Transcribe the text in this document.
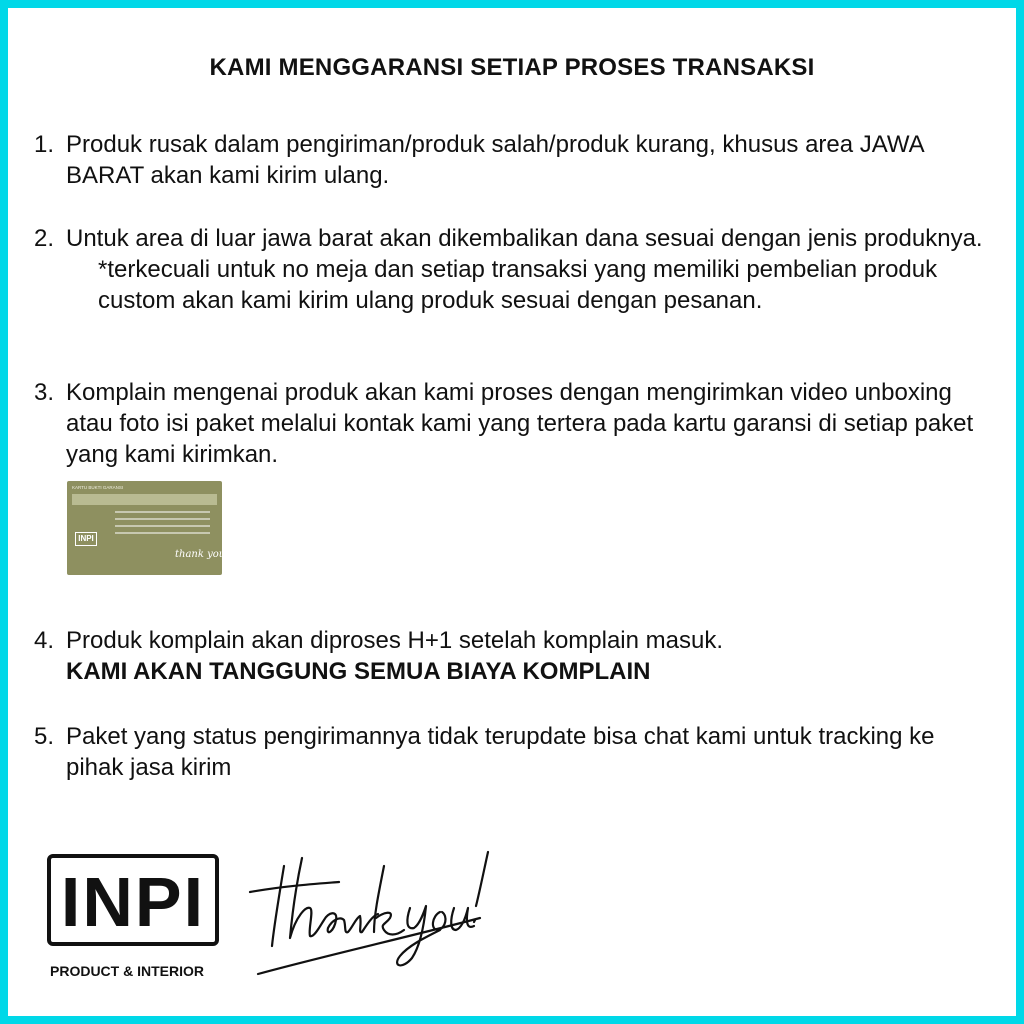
KAMI MENGGARANSI SETIAP PROSES TRANSAKSI
1. Produk rusak dalam pengiriman/produk salah/produk kurang, khusus area JAWA BARAT akan kami kirim ulang.
2. Untuk area di luar jawa barat akan dikembalikan dana sesuai dengan jenis produknya.
*terkecuali untuk no meja dan setiap transaksi yang memiliki pembelian produk custom akan kami kirim ulang produk sesuai dengan pesanan.
3. Komplain mengenai produk akan kami proses dengan mengirimkan video unboxing atau foto isi paket melalui kontak kami yang tertera pada kartu garansi di setiap paket yang kami kirimkan.
KARTU BUKTI GARANSI
INPI
thank you!
4. Produk komplain akan diproses H+1 setelah komplain masuk.
KAMI AKAN TANGGUNG SEMUA BIAYA KOMPLAIN
5. Paket yang status pengirimannya tidak terupdate bisa chat kami untuk tracking ke pihak jasa kirim
INPI
PRODUCT & INTERIOR
